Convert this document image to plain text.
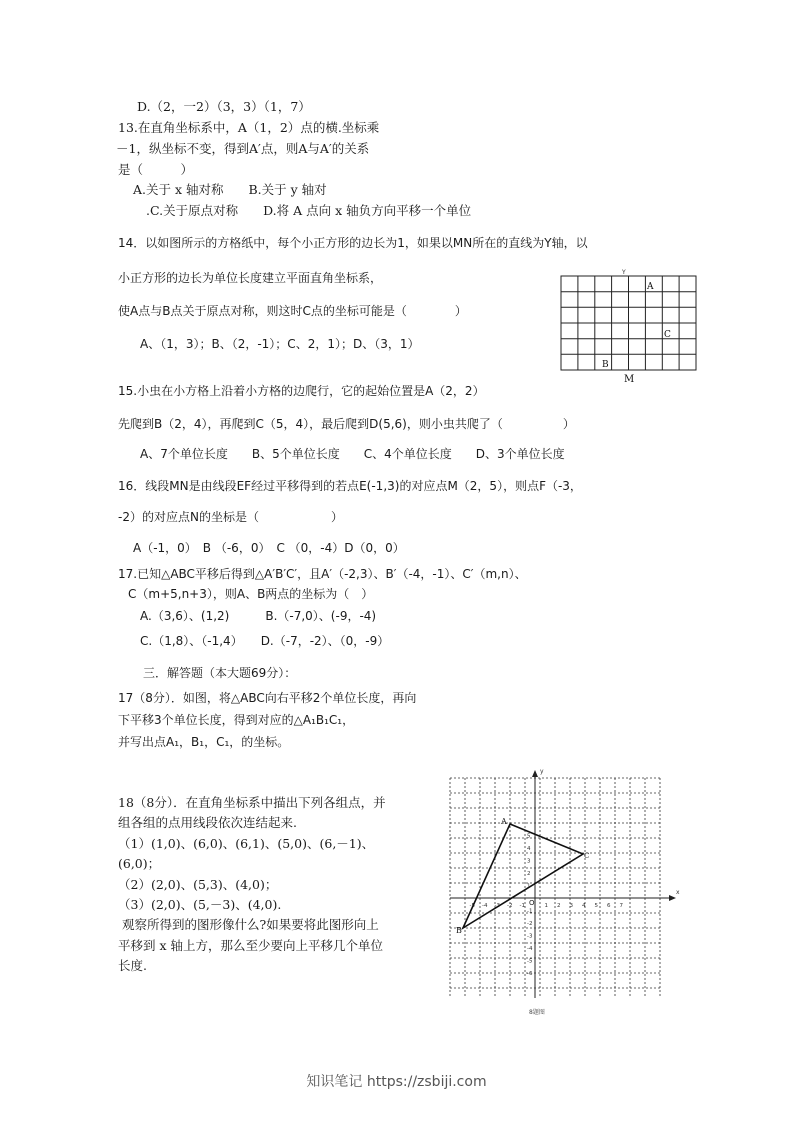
D.（2，一2）（3，3）（1，7）
13.在直角坐标系中，A（1，2）点的横.坐标乘
－1，纵坐标不变，得到A′点，则A与A′的关系
是（　　　）
A.关于 x 轴对称　　B.关于 y 轴对
.C.关于原点对称　　D.将 A 点向 x 轴负方向平移一个单位
14．以如图所示的方格纸中，每个小正方形的边长为1，如果以MN所在的直线为Y轴，以
小正方形的边长为单位长度建立平面直角坐标系，
使A点与B点关于原点对称，则这时C点的坐标可能是（　　　　）
A、（1，3）；B、（2，-1）；C、2，1）；D、（3，1）
15.小虫在小方格上沿着小方格的边爬行，它的起始位置是A（2，2）
先爬到B（2，4），再爬到C（5，4），最后爬到D(5,6)，则小虫共爬了（　　　　　）
A、7个单位长度　　B、5个单位长度　　C、4个单位长度　　D、3个单位长度
16．线段MN是由线段EF经过平移得到的若点E(-1,3)的对应点M（2，5），则点F（-3，
-2）的对应点N的坐标是（　　　　　　）
A（-1，0）　B （-6，0）　C （0，-4）D（0，0）
17.已知△ABC平移后得到△A′B′C′，且A′（-2,3）、B′（-4，-1）、C′（m,n）、
C（m+5,n+3），则A、B两点的坐标为（　）
A.（3,6）、(1,2)　　　B.（-7,0）、(-9，-4)
C.（1,8）、（-1,4）　　D.（-7，-2）、（0，-9）
三．解答题（本大题69分）：
17（8分）．如图，将△ABC向右平移2个单位长度，再向
下平移3个单位长度，得到对应的△A₁B₁C₁，
并写出点A₁，B₁，C₁，的坐标。
18（8分）．在直角坐标系中描出下列各组点，并
组各组的点用线段依次连结起来.
（1）(1,0)、(6,0)、(6,1)、(5,0)、(6,－1)、
(6,0)；
（2）(2,0)、(5,3)、(4,0)；
（3）(2,0)、(5,－3)、(4,0).
观察所得到的图形像什么?如果要将此图形向上
平移到 x 轴上方，那么至少要向上平移几个单位
长度.
Y
A
B
C
M
y
x
O
-5 -4 -3 -2 -1	1 2 3 4 5 6 7
5
4
3
2
1
-1
-2
-3
-4
-5
-6
A
B
C
8题图
知识笔记 https://zsbiji.com
